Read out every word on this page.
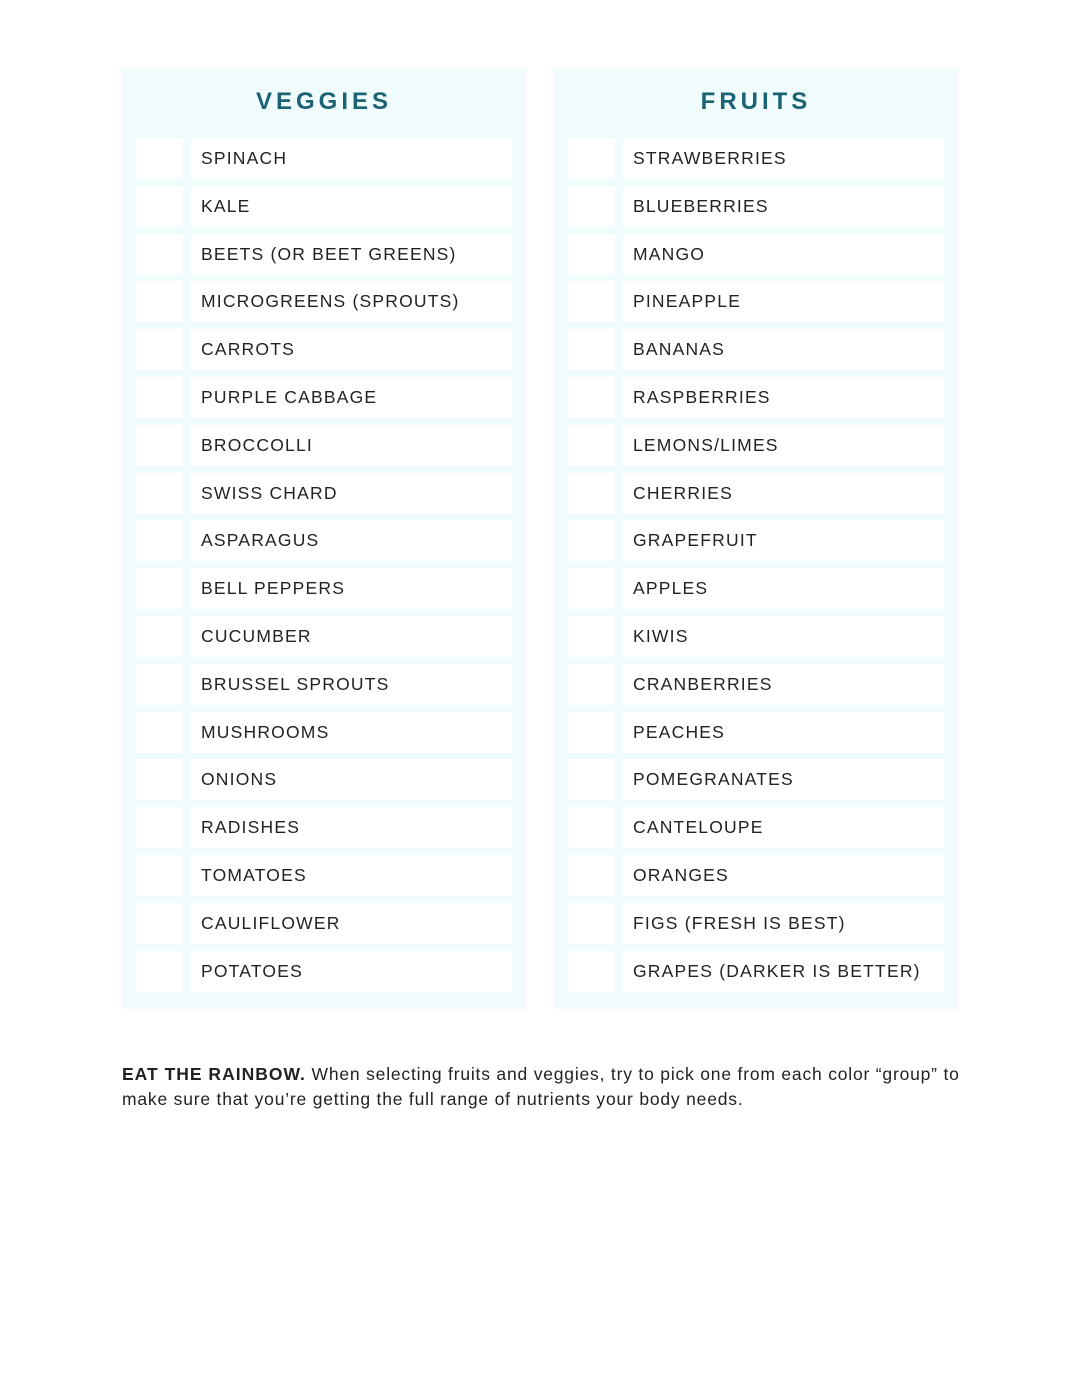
VEGGIES
SPINACH
KALE
BEETS (OR BEET GREENS)
MICROGREENS (SPROUTS)
CARROTS
PURPLE CABBAGE
BROCCOLLI
SWISS CHARD
ASPARAGUS
BELL PEPPERS
CUCUMBER
BRUSSEL SPROUTS
MUSHROOMS
ONIONS
RADISHES
TOMATOES
CAULIFLOWER
POTATOES
FRUITS
STRAWBERRIES
BLUEBERRIES
MANGO
PINEAPPLE
BANANAS
RASPBERRIES
LEMONS/LIMES
CHERRIES
GRAPEFRUIT
APPLES
KIWIS
CRANBERRIES
PEACHES
POMEGRANATES
CANTELOUPE
ORANGES
FIGS (FRESH IS BEST)
GRAPES (DARKER IS BETTER)
EAT THE RAINBOW. When selecting fruits and veggies, try to pick one from each color “group” to make sure that you’re getting the full range of nutrients your body needs.
